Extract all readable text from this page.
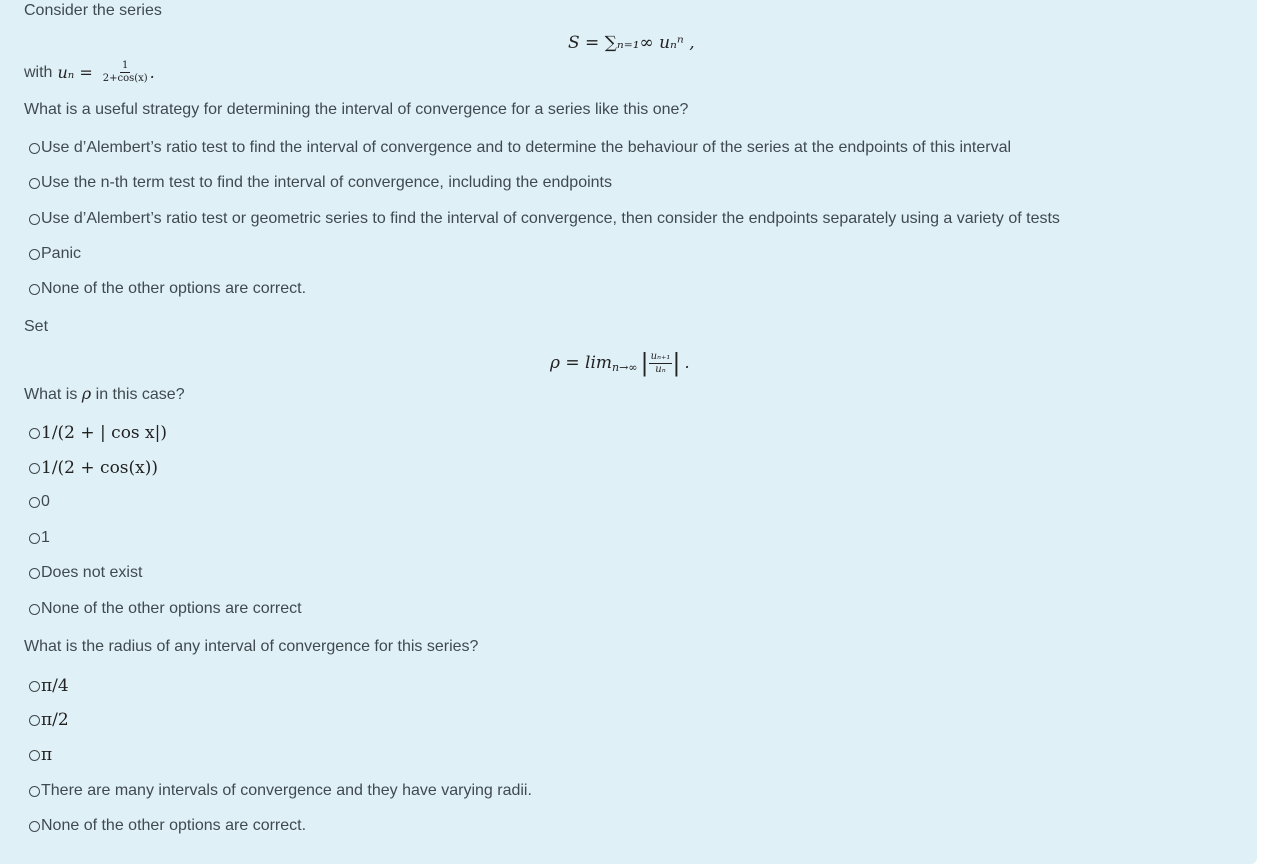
Consider the series
S = ∑ₙ₌₁∞ uₙⁿ ,
with $u_n = \frac{1}{2+\cos(x)}$ .
What is a useful strategy for determining the interval of convergence for a series like this one?
Use d’Alembert’s ratio test to find the interval of convergence and to determine the behaviour of the series at the endpoints of this interval
Use the n-th term test to find the interval of convergence, including the endpoints
Use d’Alembert’s ratio test or geometric series to find the interval of convergence, then consider the endpoints separately using a variety of tests
Panic
None of the other options are correct.
Set
ρ = lim n→∞ | $\frac{\text{uₙ₊₁}}{\text{uₙ}}$ | .
What is ρ in this case?
1/(2 + | cos x|)
1/(2 + cos(x))
0
1
Does not exist
None of the other options are correct
What is the radius of any interval of convergence for this series?
π/4
π/2
π
There are many intervals of convergence and they have varying radii.
None of the other options are correct.
